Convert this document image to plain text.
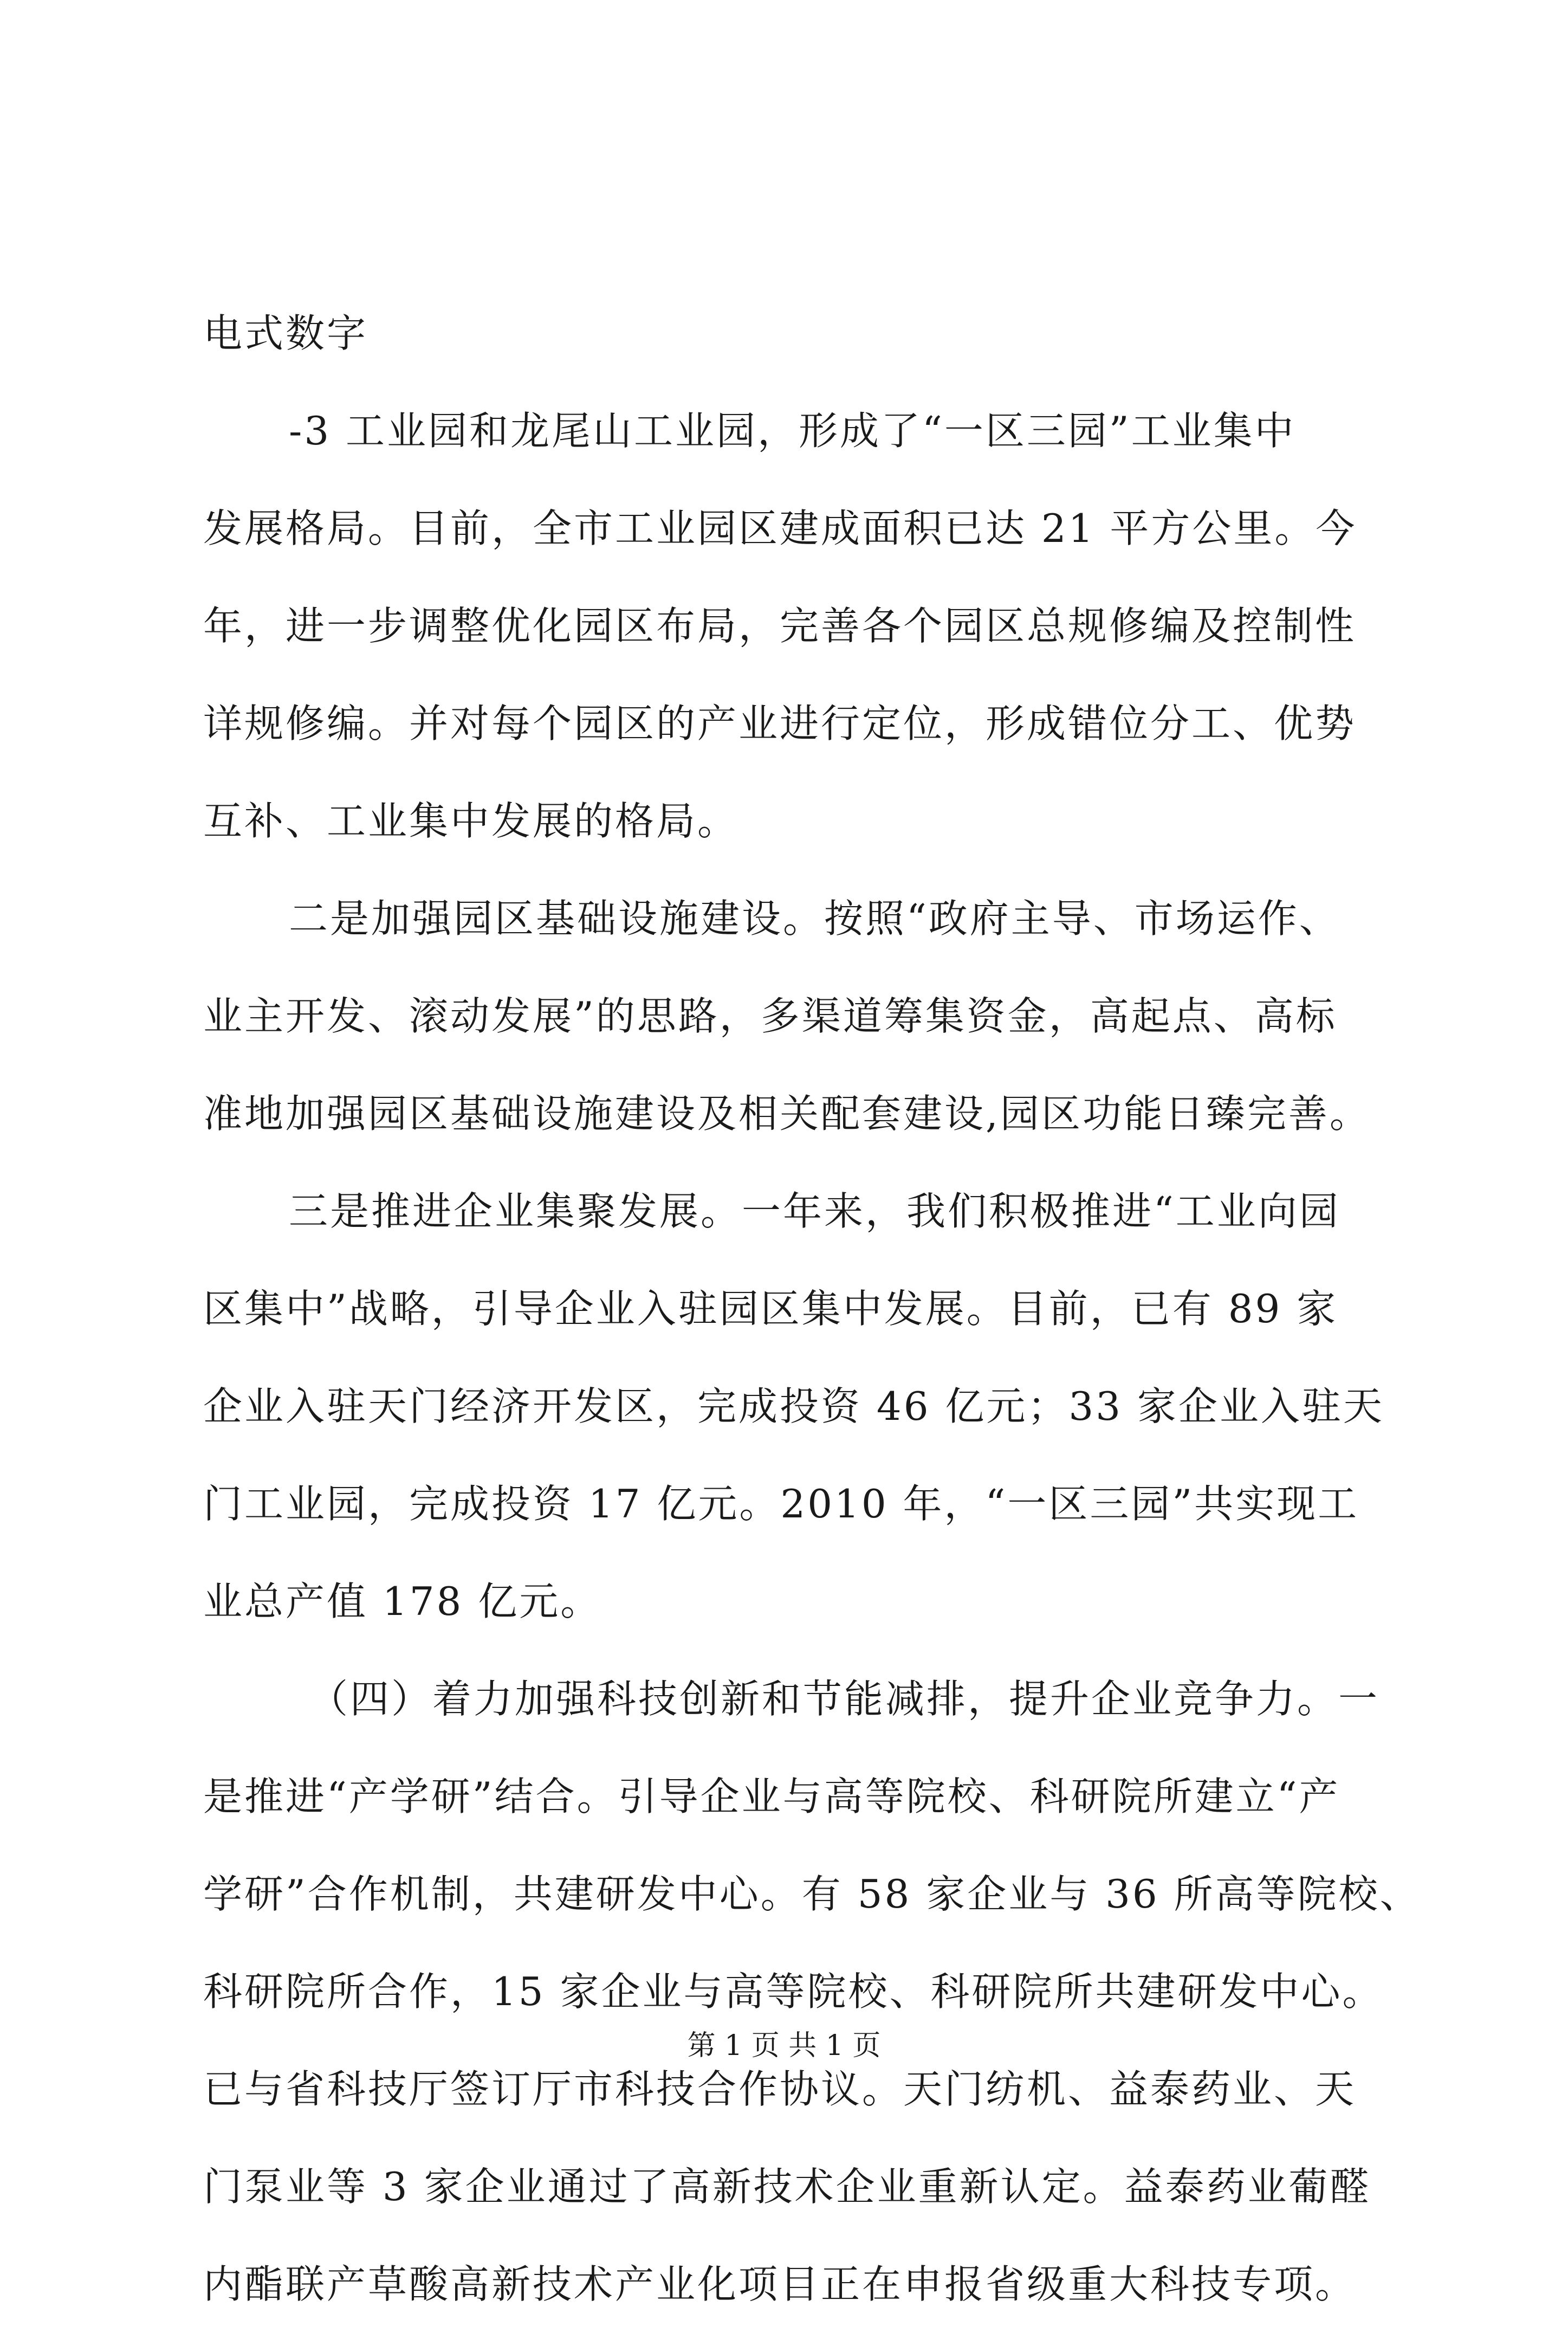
电式数字
-3 工业园和龙尾山工业园，形成了“一区三园”工业集中
发展格局。目前，全市工业园区建成面积已达 21 平方公里。今
年，进一步调整优化园区布局，完善各个园区总规修编及控制性
详规修编。并对每个园区的产业进行定位，形成错位分工、优势
互补、工业集中发展的格局。
二是加强园区基础设施建设。按照“政府主导、市场运作、
业主开发、滚动发展”的思路，多渠道筹集资金，高起点、高标
准地加强园区基础设施建设及相关配套建设,园区功能日臻完善。
三是推进企业集聚发展。一年来，我们积极推进“工业向园
区集中”战略，引导企业入驻园区集中发展。目前，已有 89 家
企业入驻天门经济开发区，完成投资 46 亿元；33 家企业入驻天
门工业园，完成投资 17 亿元。2010 年，“一区三园”共实现工
业总产值 178 亿元。
（四）着力加强科技创新和节能减排，提升企业竞争力。一
是推进“产学研”结合。引导企业与高等院校、科研院所建立“产
学研”合作机制，共建研发中心。有 58 家企业与 36 所高等院校、
科研院所合作，15 家企业与高等院校、科研院所共建研发中心。
已与省科技厅签订厅市科技合作协议。天门纺机、益泰药业、天
门泵业等 3 家企业通过了高新技术企业重新认定。益泰药业葡醛
内酯联产草酸高新技术产业化项目正在申报省级重大科技专项。
第 1 页 共 1 页
